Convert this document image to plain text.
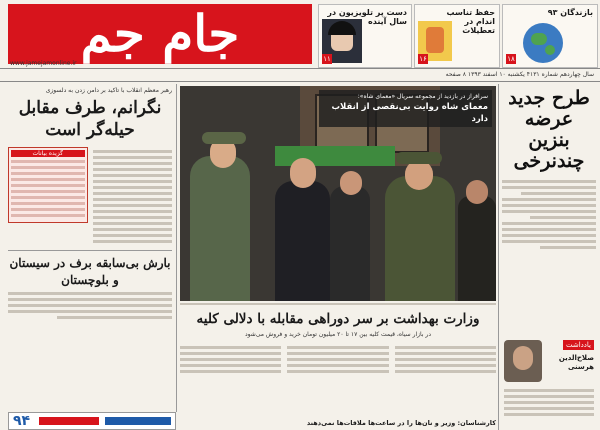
جام جم
www.jamejamonline.ir
دست پر تلویزیون در سال آینده
۱۱
حفظ تناسب اندام در تعطیلات
۱۶
بازندگان ۹۳
۱۸
سال چهاردهم شماره ۴۱۳۱ یکشنبه ۱۰ اسفند ۱۳۹۳ ۸ صفحه
طرح جدید عرضه بنزین چندنرخی
سرافراز در بازدید از مجموعه سریال «معمای شاه»:
معمای شاه روایت بی‌نقصی از انقلاب دارد
وزارت بهداشت بر سر دوراهی مقابله با دلالی کلیه
در بازار سیاه، قیمت کلیه بین ۱۷ تا ۲۰ میلیون تومان خرید و فروش می‌شود
یادداشت
صلاح‌الدین هرسنی
رهبر معظم انقلاب با تاکید بر دامن زدن به دلسوزی
نگرانم، طرف مقابل حیله‌گر است
گزیده بیانات
بارش بی‌سابقه برف در سیستان و بلوچستان
۹۴	کارشناسان: وزیر و نان‌ها را در ساعت‌ها ملاقات‌ها نمی‌دهند
